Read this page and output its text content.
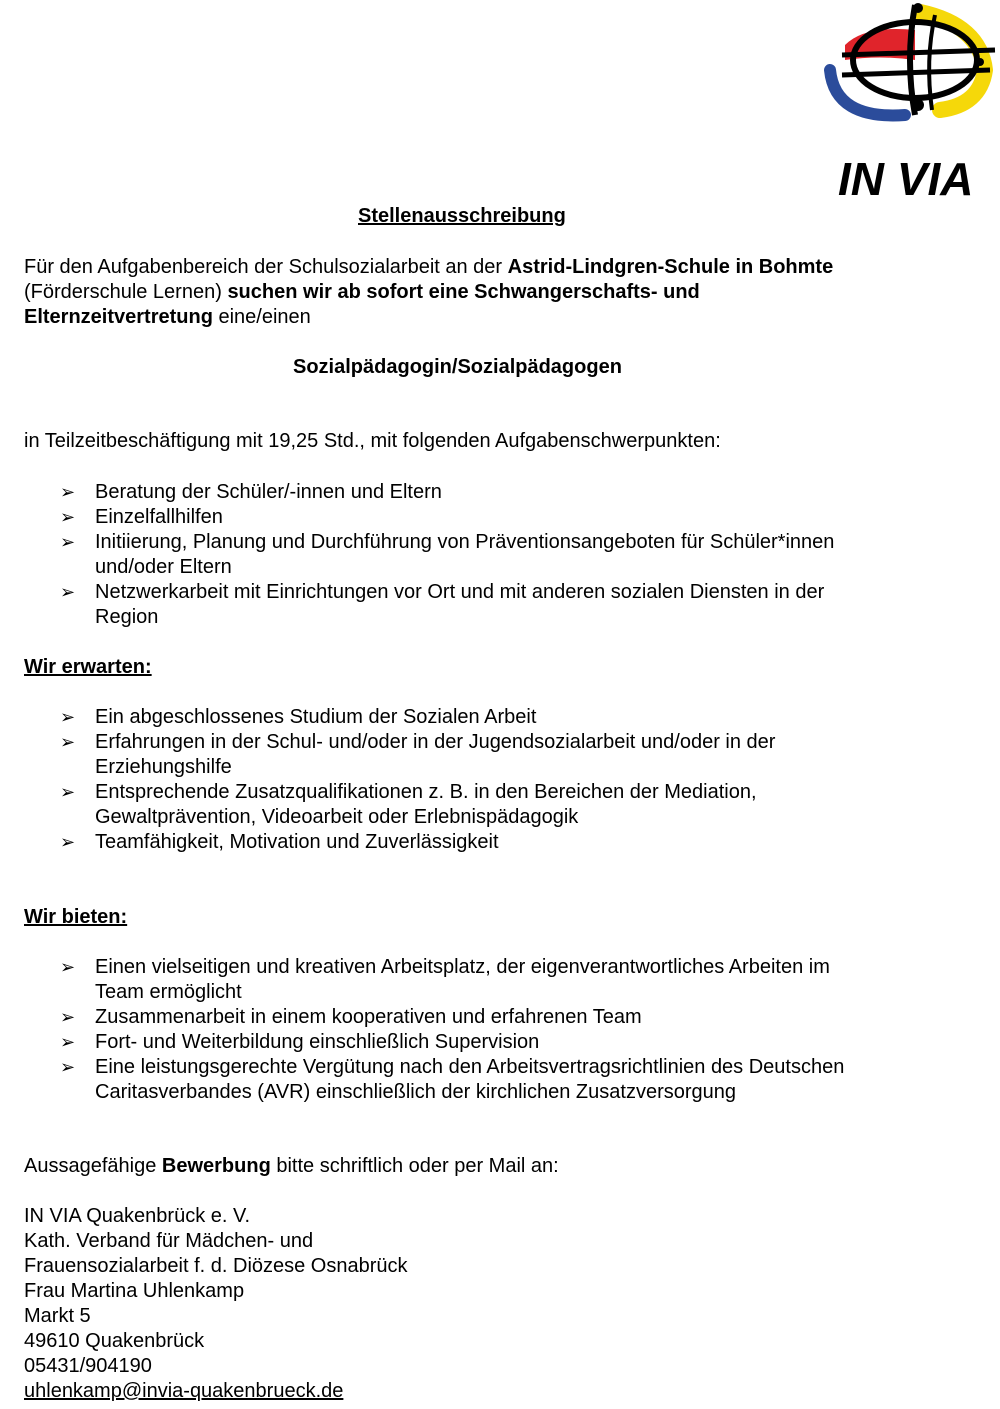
IN VIA
Stellenausschreibung
Für den Aufgabenbereich der Schulsozialarbeit an der Astrid-Lindgren-Schule in Bohmte
(Förderschule Lernen) suchen wir ab sofort eine Schwangerschafts- und
Elternzeitvertretung eine/einen
Sozialpädagogin/Sozialpädagogen
in Teilzeitbeschäftigung mit 19,25 Std., mit folgenden Aufgabenschwerpunkten:
➢ Beratung der Schüler/-innen und Eltern
➢ Einzelfallhilfen
➢ Initiierung, Planung und Durchführung von Präventionsangeboten für Schüler*innen
und/oder Eltern
➢ Netzwerkarbeit mit Einrichtungen vor Ort und mit anderen sozialen Diensten in der
Region
Wir erwarten:
➢ Ein abgeschlossenes Studium der Sozialen Arbeit
➢ Erfahrungen in der Schul- und/oder in der Jugendsozialarbeit und/oder in der
Erziehungshilfe
➢ Entsprechende Zusatzqualifikationen z. B. in den Bereichen der Mediation,
Gewaltprävention, Videoarbeit oder Erlebnispädagogik
➢ Teamfähigkeit, Motivation und Zuverlässigkeit
Wir bieten:
➢ Einen vielseitigen und kreativen Arbeitsplatz, der eigenverantwortliches Arbeiten im
Team ermöglicht
➢ Zusammenarbeit in einem kooperativen und erfahrenen Team
➢ Fort- und Weiterbildung einschließlich Supervision
➢ Eine leistungsgerechte Vergütung nach den Arbeitsvertragsrichtlinien des Deutschen
Caritasverbandes (AVR) einschließlich der kirchlichen Zusatzversorgung
Aussagefähige Bewerbung bitte schriftlich oder per Mail an:
IN VIA Quakenbrück e. V.
Kath. Verband für Mädchen- und
Frauensozialarbeit f. d. Diözese Osnabrück
Frau Martina Uhlenkamp
Markt 5
49610 Quakenbrück
05431/904190
uhlenkamp@invia-quakenbrueck.de
